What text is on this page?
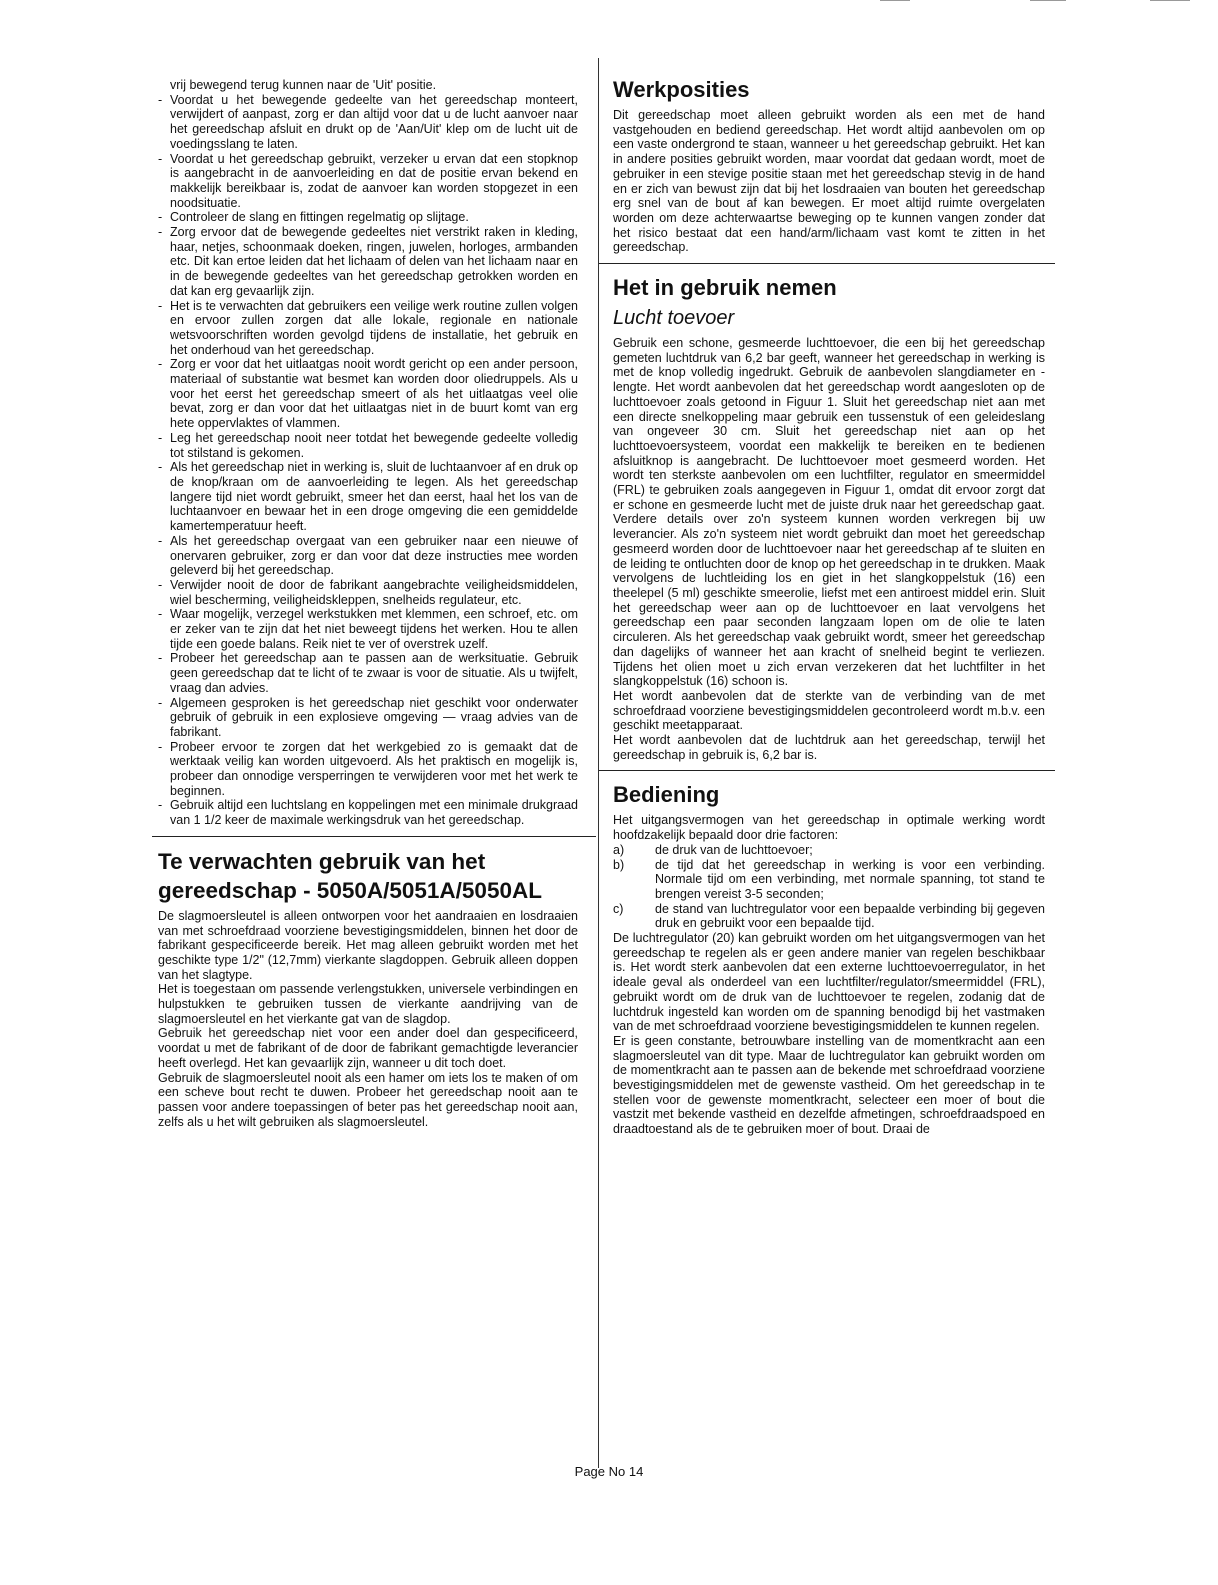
vrij bewegend terug kunnen naar de 'Uit' positie.

- Voordat u het bewegende gedeelte van het gereedschap monteert, verwijdert of aanpast, zorg er dan altijd voor dat u de lucht aanvoer naar het gereedschap afsluit en drukt op de 'Aan/Uit' klep om de lucht uit de voedingsslang te laten.
- Voordat u het gereedschap gebruikt, verzeker u ervan dat een stopknop is aangebracht in de aanvoerleiding en dat de positie ervan bekend en makkelijk bereikbaar is, zodat de aanvoer kan worden stopgezet in een noodsituatie.
- Controleer de slang en fittingen regelmatig op slijtage.
- Zorg ervoor dat de bewegende gedeeltes niet verstrikt raken in kleding, haar, netjes, schoonmaak doeken, ringen, juwelen, horloges, armbanden etc. Dit kan ertoe leiden dat het lichaam of delen van het lichaam naar en in de bewegende gedeeltes van het gereedschap getrokken worden en dat kan erg gevaarlijk zijn.
- Het is te verwachten dat gebruikers een veilige werk routine zullen volgen en ervoor zullen zorgen dat alle lokale, regionale en nationale wetsvoorschriften worden gevolgd tijdens de installatie, het gebruik en het onderhoud van het gereedschap.
- Zorg er voor dat het uitlaatgas nooit wordt gericht op een ander persoon, materiaal of substantie wat besmet kan worden door oliedruppels. Als u voor het eerst het gereedschap smeert of als het uitlaatgas veel olie bevat, zorg er dan voor dat het uitlaatgas niet in de buurt komt van erg hete oppervlaktes of vlammen.
- Leg het gereedschap nooit neer totdat het bewegende gedeelte volledig tot stilstand is gekomen.
- Als het gereedschap niet in werking is, sluit de luchtaanvoer af en druk op de knop/kraan om de aanvoerleiding te legen. Als het gereedschap langere tijd niet wordt gebruikt, smeer het dan eerst, haal het los van de luchtaanvoer en bewaar het in een droge omgeving die een gemiddelde kamertemperatuur heeft.
- Als het gereedschap overgaat van een gebruiker naar een nieuwe of onervaren gebruiker, zorg er dan voor dat deze instructies mee worden geleverd bij het gereedschap.
- Verwijder nooit de door de fabrikant aangebrachte veiligheidsmiddelen, wiel bescherming, veiligheidskleppen, snelheids regulateur, etc.
- Waar mogelijk, verzegel werkstukken met klemmen, een schroef, etc. om er zeker van te zijn dat het niet beweegt tijdens het werken. Hou te allen tijde een goede balans. Reik niet te ver of overstrek uzelf.
- Probeer het gereedschap aan te passen aan de werksituatie. Gebruik geen gereedschap dat te licht of te zwaar is voor de situatie. Als u twijfelt, vraag dan advies.
- Algemeen gesproken is het gereedschap niet geschikt voor onderwater gebruik of gebruik in een explosieve omgeving — vraag advies van de fabrikant.
- Probeer ervoor te zorgen dat het werkgebied zo is gemaakt dat de werktaak veilig kan worden uitgevoerd. Als het praktisch en mogelijk is, probeer dan onnodige versperringen te verwijderen voor met het werk te beginnen.
- Gebruik altijd een luchtslang en koppelingen met een minimale drukgraad van 1 1/2 keer de maximale werkingsdruk van het gereedschap.
Te verwachten gebruik van het
gereedschap - 5050A/5051A/5050AL

De slagmoersleutel is alleen ontworpen voor het aandraaien en losdraaien van met schroefdraad voorziene bevestigingsmiddelen, binnen het door de fabrikant gespecificeerde bereik. Het mag alleen gebruikt worden met het geschikte type 1/2" (12,7mm) vierkante slagdoppen. Gebruik alleen doppen van het slagtype.

Het is toegestaan om passende verlengstukken, universele verbindingen en hulpstukken te gebruiken tussen de vierkante aandrijving van de slagmoersleutel en het vierkante gat van de slagdop.

Gebruik het gereedschap niet voor een ander doel dan gespecificeerd, voordat u met de fabrikant of de door de fabrikant gemachtigde leverancier heeft overlegd. Het kan gevaarlijk zijn, wanneer u dit toch doet.

Gebruik de slagmoersleutel nooit als een hamer om iets los te maken of om een scheve bout recht te duwen. Probeer het gereedschap nooit aan te passen voor andere toepassingen of beter pas het gereedschap nooit aan, zelfs als u het wilt gebruiken als slagmoersleutel.

Werkposities

Dit gereedschap moet alleen gebruikt worden als een met de hand vastgehouden en bediend gereedschap. Het wordt altijd aanbevolen om op een vaste ondergrond te staan, wanneer u het gereedschap gebruikt. Het kan in andere posities gebruikt worden, maar voordat dat gedaan wordt, moet de gebruiker in een stevige positie staan met het gereedschap stevig in de hand en er zich van bewust zijn dat bij het losdraaien van bouten het gereedschap erg snel van de bout af kan bewegen. Er moet altijd ruimte overgelaten worden om deze achterwaartse beweging op te kunnen vangen zonder dat het risico bestaat dat een hand/arm/lichaam vast komt te zitten in het gereedschap.

Het in gebruik nemen
Lucht toevoer

Gebruik een schone, gesmeerde luchttoevoer, die een bij het gereedschap gemeten luchtdruk van 6,2 bar geeft, wanneer het gereedschap in werking is met de knop volledig ingedrukt. Gebruik de aanbevolen slangdiameter en -lengte. Het wordt aanbevolen dat het gereedschap wordt aangesloten op de luchttoevoer zoals getoond in Figuur 1. Sluit het gereedschap niet aan met een directe snelkoppeling maar gebruik een tussenstuk of een geleideslang van ongeveer 30 cm. Sluit het gereedschap niet aan op het luchttoevoersysteem, voordat een makkelijk te bereiken en te bedienen afsluitknop is aangebracht. De luchttoevoer moet gesmeerd worden. Het wordt ten sterkste aanbevolen om een luchtfilter, regulator en smeermiddel (FRL) te gebruiken zoals aangegeven in Figuur 1, omdat dit ervoor zorgt dat er schone en gesmeerde lucht met de juiste druk naar het gereedschap gaat. Verdere details over zo'n systeem kunnen worden verkregen bij uw leverancier. Als zo'n systeem niet wordt gebruikt dan moet het gereedschap gesmeerd worden door de luchttoevoer naar het gereedschap af te sluiten en de leiding te ontluchten door de knop op het gereedschap in te drukken. Maak vervolgens de luchtleiding los en giet in het slangkoppelstuk (16) een theelepel (5 ml) geschikte smeerolie, liefst met een antiroest middel erin. Sluit het gereedschap weer aan op de luchttoevoer en laat vervolgens het gereedschap een paar seconden langzaam lopen om de olie te laten circuleren. Als het gereedschap vaak gebruikt wordt, smeer het gereedschap dan dagelijks of wanneer het aan kracht of snelheid begint te verliezen. Tijdens het olien moet u zich ervan verzekeren dat het luchtfilter in het slangkoppelstuk (16) schoon is.

Het wordt aanbevolen dat de sterkte van de verbinding van de met schroefdraad voorziene bevestigingsmiddelen gecontroleerd wordt m.b.v. een geschikt meetapparaat.

Het wordt aanbevolen dat de luchtdruk aan het gereedschap, terwijl het gereedschap in gebruik is, 6,2 bar is.

Bediening

Het uitgangsvermogen van het gereedschap in optimale werking wordt hoofdzakelijk bepaald door drie factoren:

a) de druk van de luchttoevoer;
b) de tijd dat het gereedschap in werking is voor een verbinding. Normale tijd om een verbinding, met normale spanning, tot stand te brengen vereist 3-5 seconden;
c)	de stand van luchtregulator voor een bepaalde verbinding bij gegeven druk en gebruikt voor een bepaalde tijd.

De luchtregulator (20) kan gebruikt worden om het uitgangsvermogen van het gereedschap te regelen als er geen andere manier van regelen beschikbaar is. Het wordt sterk aanbevolen dat een externe luchttoevoerregulator, in het ideale geval als onderdeel van een luchtfilter/regulator/smeermiddel (FRL), gebruikt wordt om de druk van de luchttoevoer te regelen, zodanig dat de luchtdruk ingesteld kan worden om de spanning benodigd bij het vastmaken van de met schroefdraad voorziene bevestigingsmiddelen te kunnen regelen.

Er is geen constante, betrouwbare instelling van de momentkracht aan een slagmoersleutel van dit type. Maar de luchtregulator kan gebruikt worden om de momentkracht aan te passen aan de bekende met schroefdraad voorziene bevestigingsmiddelen met de gewenste vastheid. Om het gereedschap in te stellen voor de gewenste momentkracht, selecteer een moer of bout die vastzit met bekende vastheid en dezelfde afmetingen, schroefdraadspoed en draadtoestand als de te gebruiken moer of bout. Draai de

Page No 14
